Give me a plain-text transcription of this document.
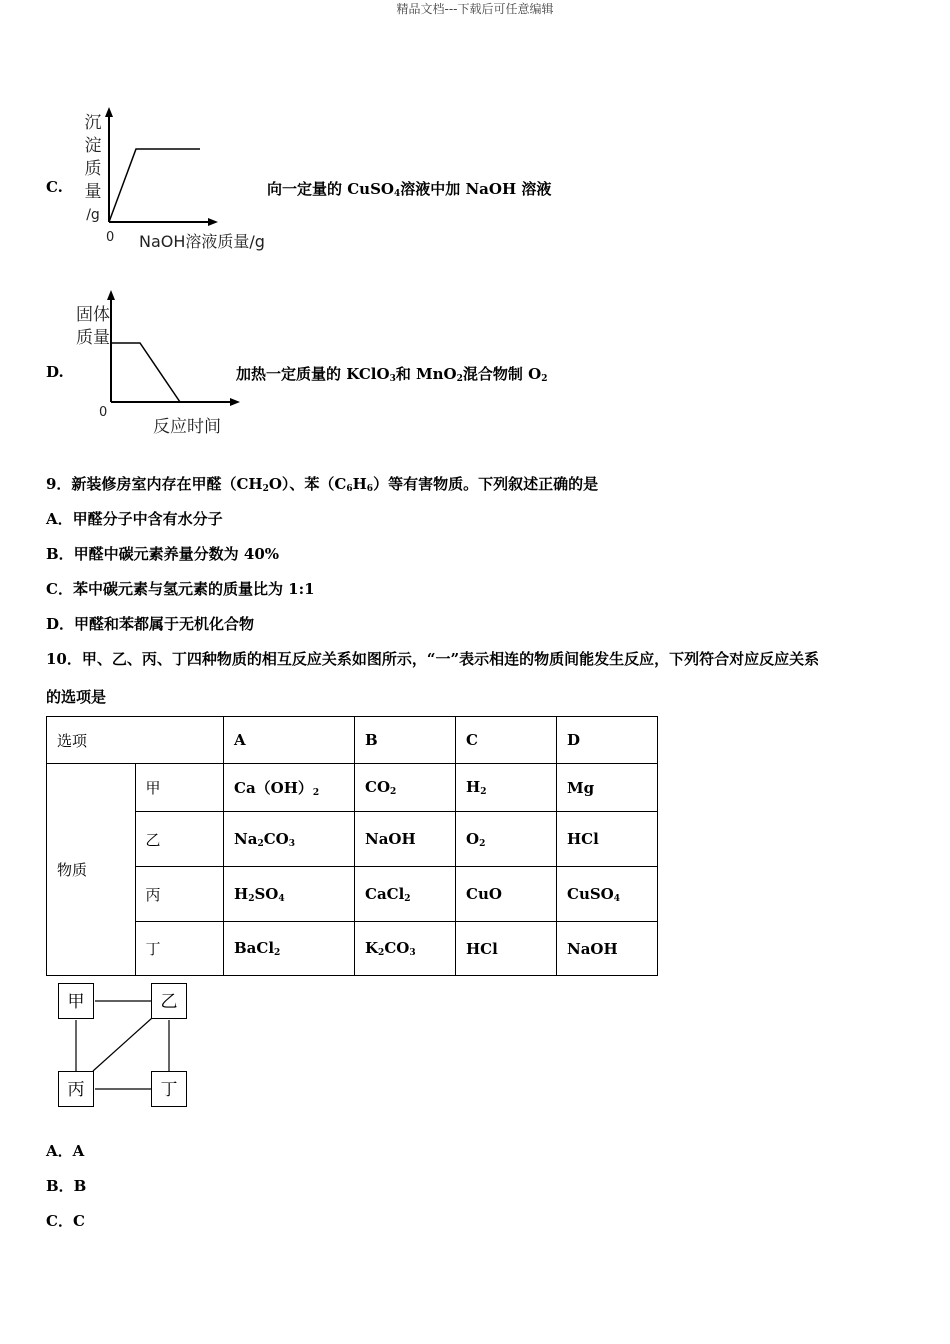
精品文档---下载后可任意编辑
C.
沉
淀
质
量
/g
0 NaOH溶液质量/g
向一定量的 CuSO$_4$溶液中加 NaOH 溶液
D.
固体
质量
0
反应时间
加热一定质量的 KClO$_3$和 MnO$_2$混合物制 $O_2$
9．新装修房室内存在甲醛$(CH_2O)$、苯$(C_6H_6)$等有害物质。下列叙述正确的是
A．甲醛分子中含有水分子
B．甲醛中碳元素养量分数为 40%
C．苯中碳元素与氢元素的质量比为 1:1
D．甲醛和苯都属于无机化合物
10．甲、乙、丙、丁四种物质的相互反应关系如图所示，“一”表示相连的物质间能发生反应，下列符合对应反应关系
的选项是
选项		A	B	C	D
物质	甲	$Ca(OH)_2$	$CO_2$	$H_2$	Mg
	乙	$Na_2CO_3$	NaOH	$O_2$	HCl
	丙	$H_2SO_4$	CaCl$_2$	CuO	CuSO$_4$
	丁	BaCl$_2$	$K_2CO_3$	HCl	NaOH
甲	乙
丙	丁
A．A
B．B
C．C
